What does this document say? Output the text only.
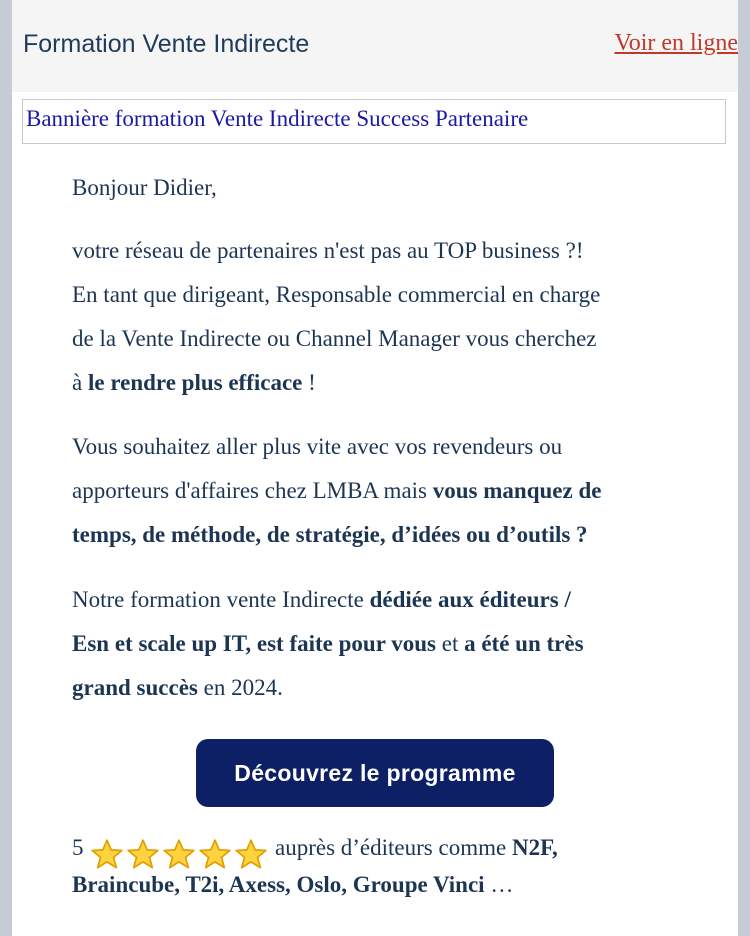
Formation Vente Indirecte	Voir en ligne
Bannière formation Vente Indirecte Success Partenaire
Bonjour Didier,
votre réseau de partenaires n'est pas au TOP business ?!
En tant que dirigeant, Responsable commercial en charge
de la Vente Indirecte ou Channel Manager vous cherchez
à le rendre plus efficace !
Vous souhaitez aller plus vite avec vos revendeurs ou
apporteurs d'affaires chez LMBA mais vous manquez de
temps, de méthode, de stratégie, d’idées ou d’outils ?
Notre formation vente Indirecte dédiée aux éditeurs /
Esn et scale up IT, est faite pour vous et a été un très
grand succès en 2024.
Découvrez le programme
5	auprès d’éditeurs comme N2F,
Braincube, T2i, Axess, Oslo, Groupe Vinci …
